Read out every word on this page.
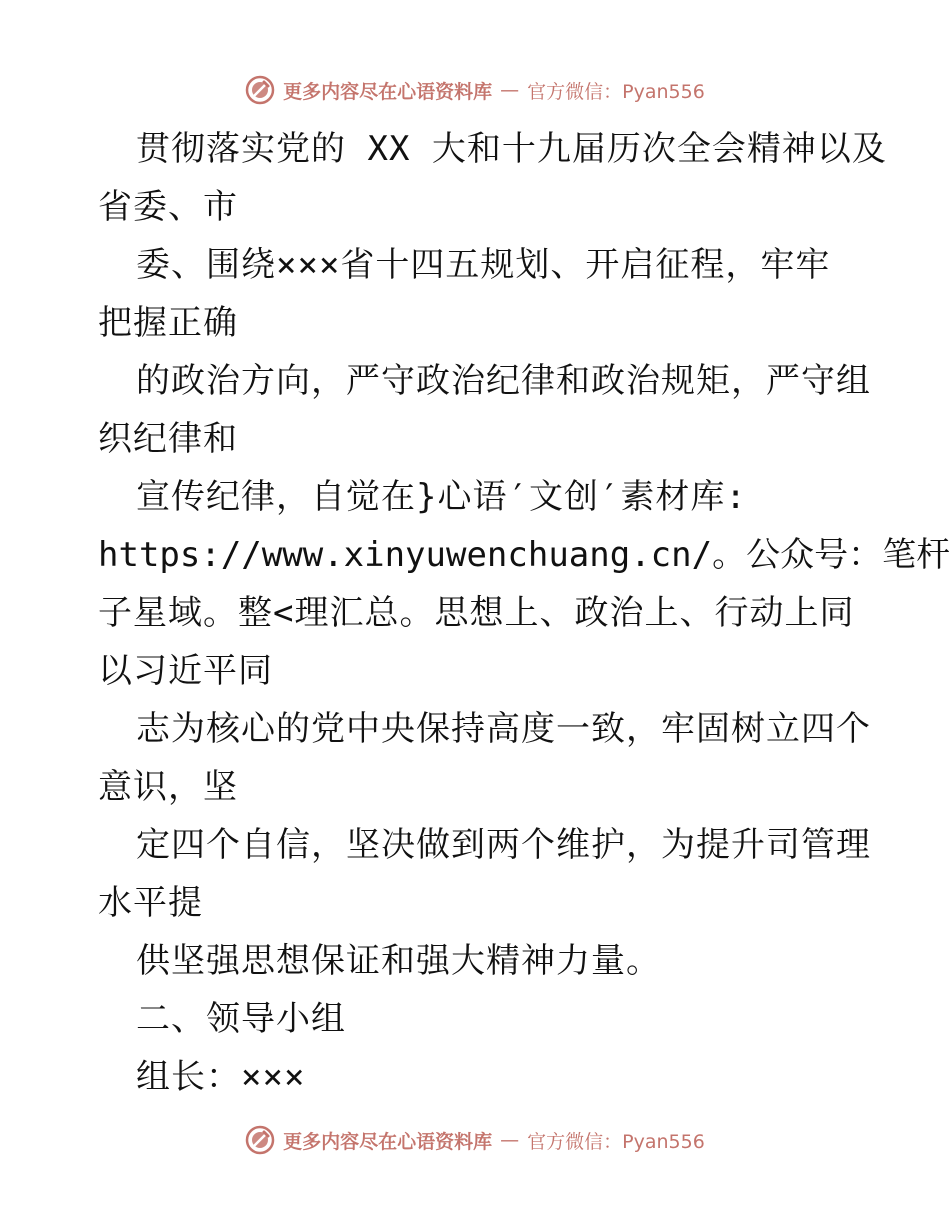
更多内容尽在心语资料库 — 官方微信：Pyan556
贯彻落实党的 XX 大和十九届历次全会精神以及
省委、市
委、围绕×××省十四五规划、开启征程，牢牢
把握正确
的政治方向，严守政治纪律和政治规矩，严守组
织纪律和
宣传纪律，自觉在}心语′文创′素材库:
https://www.xinyuwenchuang.cn/。公众号：笔杆
子星域。整<理汇总。思想上、政治上、行动上同
以习近平同
志为核心的党中央保持高度一致，牢固树立四个
意识，坚
定四个自信，坚决做到两个维护，为提升司管理
水平提
供坚强思想保证和强大精神力量。
二、领导小组
组长：×××
更多内容尽在心语资料库 — 官方微信：Pyan556
